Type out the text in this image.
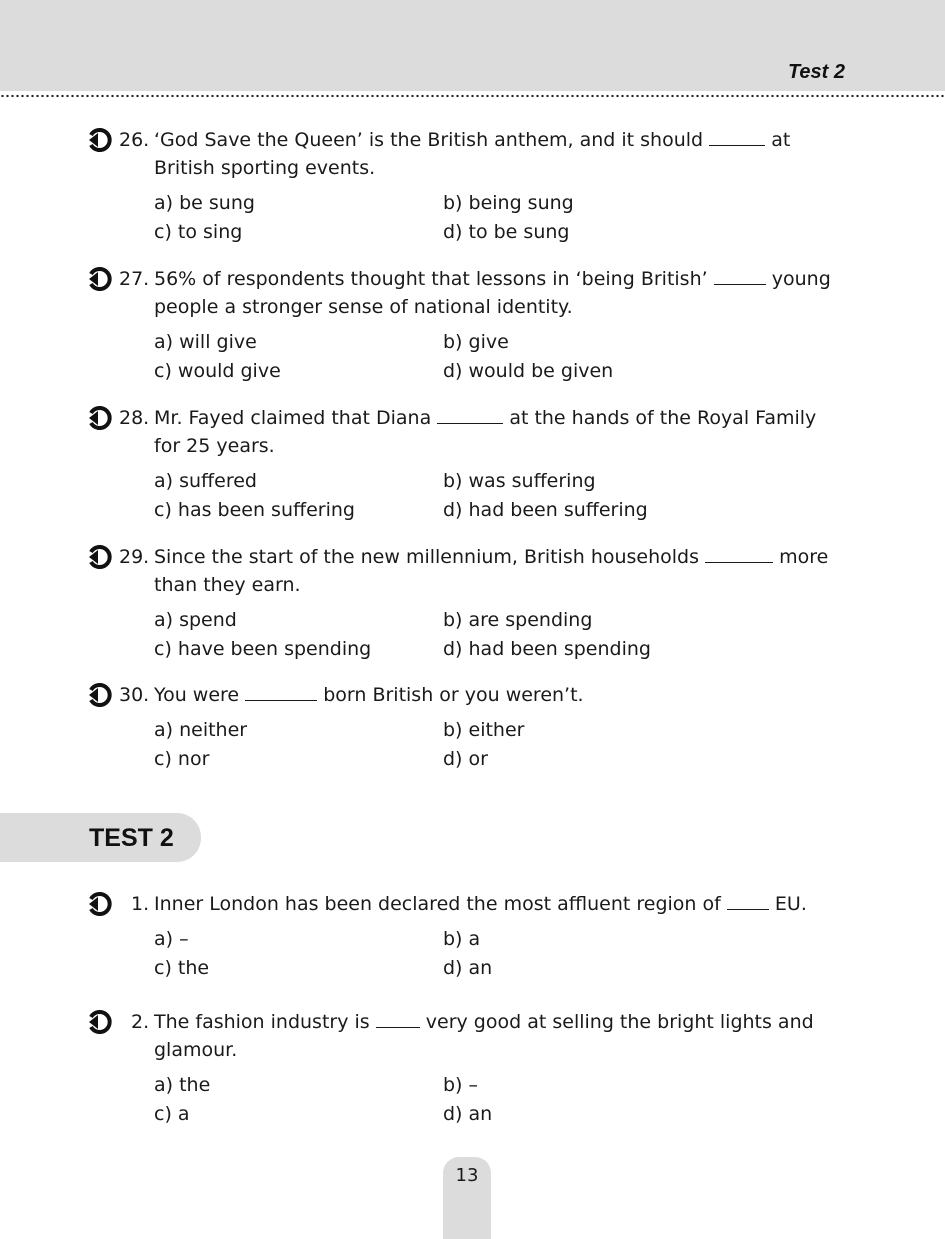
Test 2
26. ‘God Save the Queen’ is the British anthem, and it should	at
British sporting events.
a) be sung	b) being sung
c) to sing	d) to be sung
27. 56% of respondents thought that lessons in ‘being British’	young
people a stronger sense of national identity.
a) will give	b) give
c) would give	d) would be given
28. Mr. Fayed claimed that Diana	at the hands of the Royal Family
for 25 years.
a) suffered	b) was suffering
c) has been suffering	d) had been suffering
29. Since the start of the new millennium, British households	more
than they earn.
a) spend	b) are spending
c) have been spending	d) had been spending
30. You were	born British or you weren’t.
a) neither	b) either
c) nor	d) or
TEST 2
1. Inner London has been declared the most affluent region of	EU.
a) –	b) a
c) the	d) an
2. The fashion industry is	very good at selling the bright lights and
glamour.
a) the	b) –
c) a	d) an
13
